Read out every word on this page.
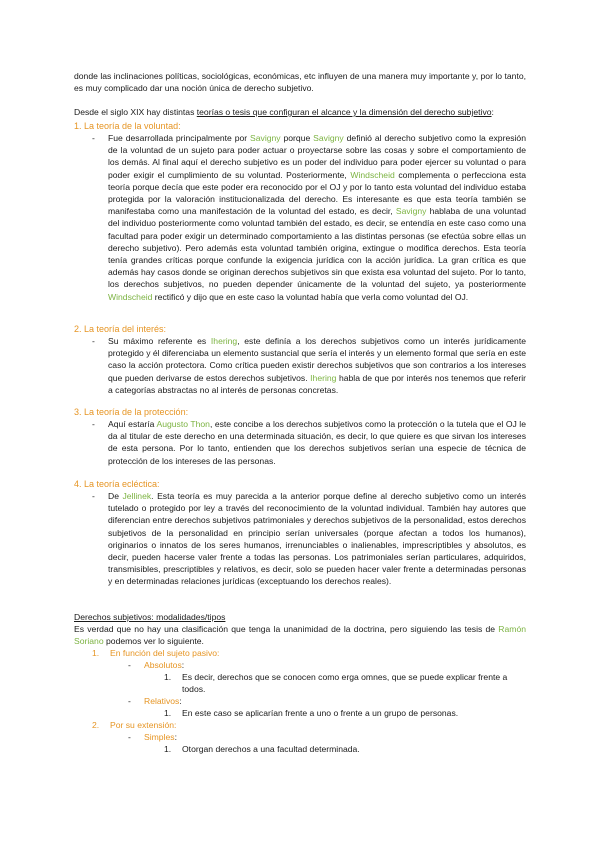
donde las inclinaciones políticas, sociológicas, económicas, etc influyen de una manera muy importante y, por lo tanto, es muy complicado dar una noción única de derecho subjetivo.

Desde el siglo XIX hay distintas teorías o tesis que configuran el alcance y la dimensión del derecho subjetivo:

1. La teoría de la voluntad:

- Fue desarrollada principalmente por Savigny porque Savigny definió al derecho subjetivo como la expresión de la voluntad de un sujeto para poder actuar o proyectarse sobre las cosas y sobre el comportamiento de los demás. Al final aquí el derecho subjetivo es un poder del individuo para poder ejercer su voluntad o para poder exigir el cumplimiento de su voluntad. Posteriormente, Windscheid complementa o perfecciona esta teoría porque decía que este poder era reconocido por el OJ y por lo tanto esta voluntad del individuo estaba protegida por la valoración institucionalizada del derecho. Es interesante es que esta teoría también se manifestaba como una manifestación de la voluntad del estado, es decir, Savigny hablaba de una voluntad del individuo posteriormente como voluntad también del estado, es decir, se entendía en este caso como una facultad para poder exigir un determinado comportamiento a las distintas personas (se efectúa sobre ellas un derecho subjetivo). Pero además esta voluntad también origina, extingue o modifica derechos. Esta teoría tenía grandes críticas porque confunde la exigencia jurídica con la acción jurídica. La gran crítica es que además hay casos donde se originan derechos subjetivos sin que exista esa voluntad del sujeto. Por lo tanto, los derechos subjetivos, no pueden depender únicamente de la voluntad del sujeto, ya posteriormente Windscheid rectificó y dijo que en este caso la voluntad había que verla como voluntad del OJ.

2. La teoría del interés:

- Su máximo referente es Ihering, este definía a los derechos subjetivos como un interés jurídicamente protegido y él diferenciaba un elemento sustancial que sería el interés y un elemento formal que sería en este caso la acción protectora. Como crítica pueden existir derechos subjetivos que son contrarios a los intereses que pueden derivarse de estos derechos subjetivos. Ihering habla de que por interés nos tenemos que referir a categorías abstractas no al interés de personas concretas.

3. La teoría de la protección:

- Aquí estaría Augusto Thon, este concibe a los derechos subjetivos como la protección o la tutela que el OJ le da al titular de este derecho en una determinada situación, es decir, lo que quiere es que sirvan los intereses de esta persona. Por lo tanto, entienden que los derechos subjetivos serían una especie de técnica de protección de los intereses de las personas.

4. La teoría ecléctica:

- De Jellinek. Esta teoría es muy parecida a la anterior porque define al derecho subjetivo como un interés tutelado o protegido por ley a través del reconocimiento de la voluntad individual. También hay autores que diferencian entre derechos subjetivos patrimoniales y derechos subjetivos de la personalidad, estos derechos subjetivos de la personalidad en principio serían universales (porque afectan a todos los humanos), originarios o innatos de los seres humanos, irrenunciables o inalienables, imprescriptibles y absolutos, es decir, pueden hacerse valer frente a todas las personas. Los patrimoniales serían particulares, adquiridos, transmisibles, prescriptibles y relativos, es decir, solo se pueden hacer valer frente a determinadas personas y en determinadas relaciones jurídicas (exceptuando los derechos reales).

Derechos subjetivos: modalidades/tipos

Es verdad que no hay una clasificación que tenga la unanimidad de la doctrina, pero siguiendo las tesis de Ramón Soriano podemos ver lo siguiente.

1. En función del sujeto pasivo:
- Absolutos:
1. Es decir, derechos que se conocen como erga omnes, que se puede explicar frente a todos.
- Relativos:
1. En este caso se aplicarían frente a uno o frente a un grupo de personas.
2. Por su extensión:
- Simples:
1. Otorgan derechos a una facultad determinada.
